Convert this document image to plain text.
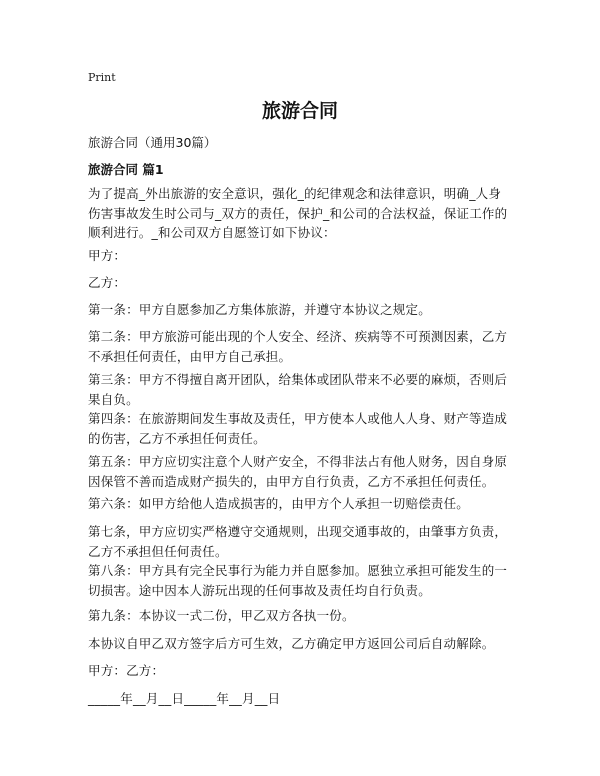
Print
旅游合同

旅游合同（通用30篇）

旅游合同 篇1

为了提高_外出旅游的安全意识，强化_的纪律观念和法律意识，明确_人身伤害事故发生时公司与_双方的责任，保护_和公司的合法权益，保证工作的顺利进行。_和公司双方自愿签订如下协议：

甲方：

乙方：

第一条：甲方自愿参加乙方集体旅游，并遵守本协议之规定。

第二条：甲方旅游可能出现的个人安全、经济、疾病等不可预测因素，乙方不承担任何责任，由甲方自己承担。

第三条：甲方不得擅自离开团队，给集体或团队带来不必要的麻烦，否则后果自负。

第四条：在旅游期间发生事故及责任，甲方使本人或他人人身、财产等造成的伤害，乙方不承担任何责任。

第五条：甲方应切实注意个人财产安全，不得非法占有他人财务，因自身原因保管不善而造成财产损失的，由甲方自行负责，乙方不承担任何责任。

第六条：如甲方给他人造成损害的，由甲方个人承担一切赔偿责任。

第七条，甲方应切实严格遵守交通规则，出现交通事故的，由肇事方负责，乙方不承担但任何责任。

第八条：甲方具有完全民事行为能力并自愿参加。愿独立承担可能发生的一切损害。途中因本人游玩出现的任何事故及责任均自行负责。

第九条：本协议一式二份，甲乙双方各执一份。

本协议自甲乙双方签字后方可生效，乙方确定甲方返回公司后自动解除。

甲方：乙方：

_____年__月__日_____年__月__日
